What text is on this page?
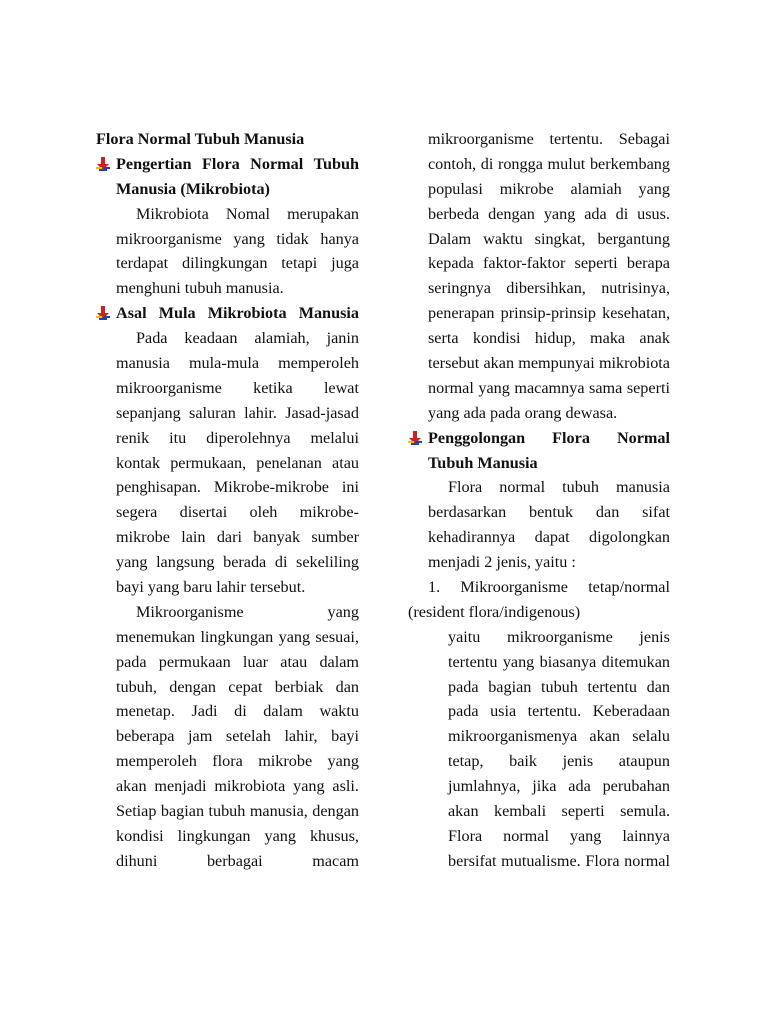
Flora Normal Tubuh Manusia
Pengertian Flora Normal Tubuh
Manusia (Mikrobiota)
Mikrobiota Nomal merupakan
mikroorganisme yang tidak hanya
terdapat dilingkungan tetapi juga
menghuni tubuh manusia.
Asal Mula Mikrobiota Manusia
Pada keadaan alamiah, janin
manusia mula-mula memperoleh
mikroorganisme ketika lewat
sepanjang saluran lahir. Jasad-jasad
renik itu diperolehnya melalui
kontak permukaan, penelanan atau
penghisapan. Mikrobe-mikrobe ini
segera disertai oleh mikrobe-
mikrobe lain dari banyak sumber
yang langsung berada di sekeliling
bayi yang baru lahir tersebut.
Mikroorganisme	yang
menemukan lingkungan yang sesuai,
pada permukaan luar atau dalam
tubuh, dengan cepat berbiak dan
menetap. Jadi di dalam waktu
beberapa jam setelah lahir, bayi
memperoleh flora mikrobe yang
akan menjadi mikrobiota yang asli.
Setiap bagian tubuh manusia, dengan
kondisi lingkungan yang khusus,
dihuni	berbagai	macam
mikroorganisme tertentu. Sebagai
contoh, di rongga mulut berkembang
populasi mikrobe alamiah yang
berbeda dengan yang ada di usus.
Dalam waktu singkat, bergantung
kepada faktor-faktor seperti berapa
seringnya dibersihkan, nutrisinya,
penerapan prinsip-prinsip kesehatan,
serta kondisi hidup, maka anak
tersebut akan mempunyai mikrobiota
normal yang macamnya sama seperti
yang ada pada orang dewasa.
Penggolongan Flora Normal
Tubuh Manusia
Flora normal tubuh manusia
berdasarkan bentuk dan sifat
kehadirannya dapat digolongkan
menjadi 2 jenis, yaitu :
1. Mikroorganisme tetap/normal
(resident flora/indigenous)
yaitu mikroorganisme jenis
tertentu yang biasanya ditemukan
pada bagian tubuh tertentu dan
pada usia tertentu. Keberadaan
mikroorganismenya akan selalu
tetap, baik jenis ataupun
jumlahnya, jika ada perubahan
akan kembali seperti semula.
Flora normal yang lainnya
bersifat mutualisme. Flora normal
